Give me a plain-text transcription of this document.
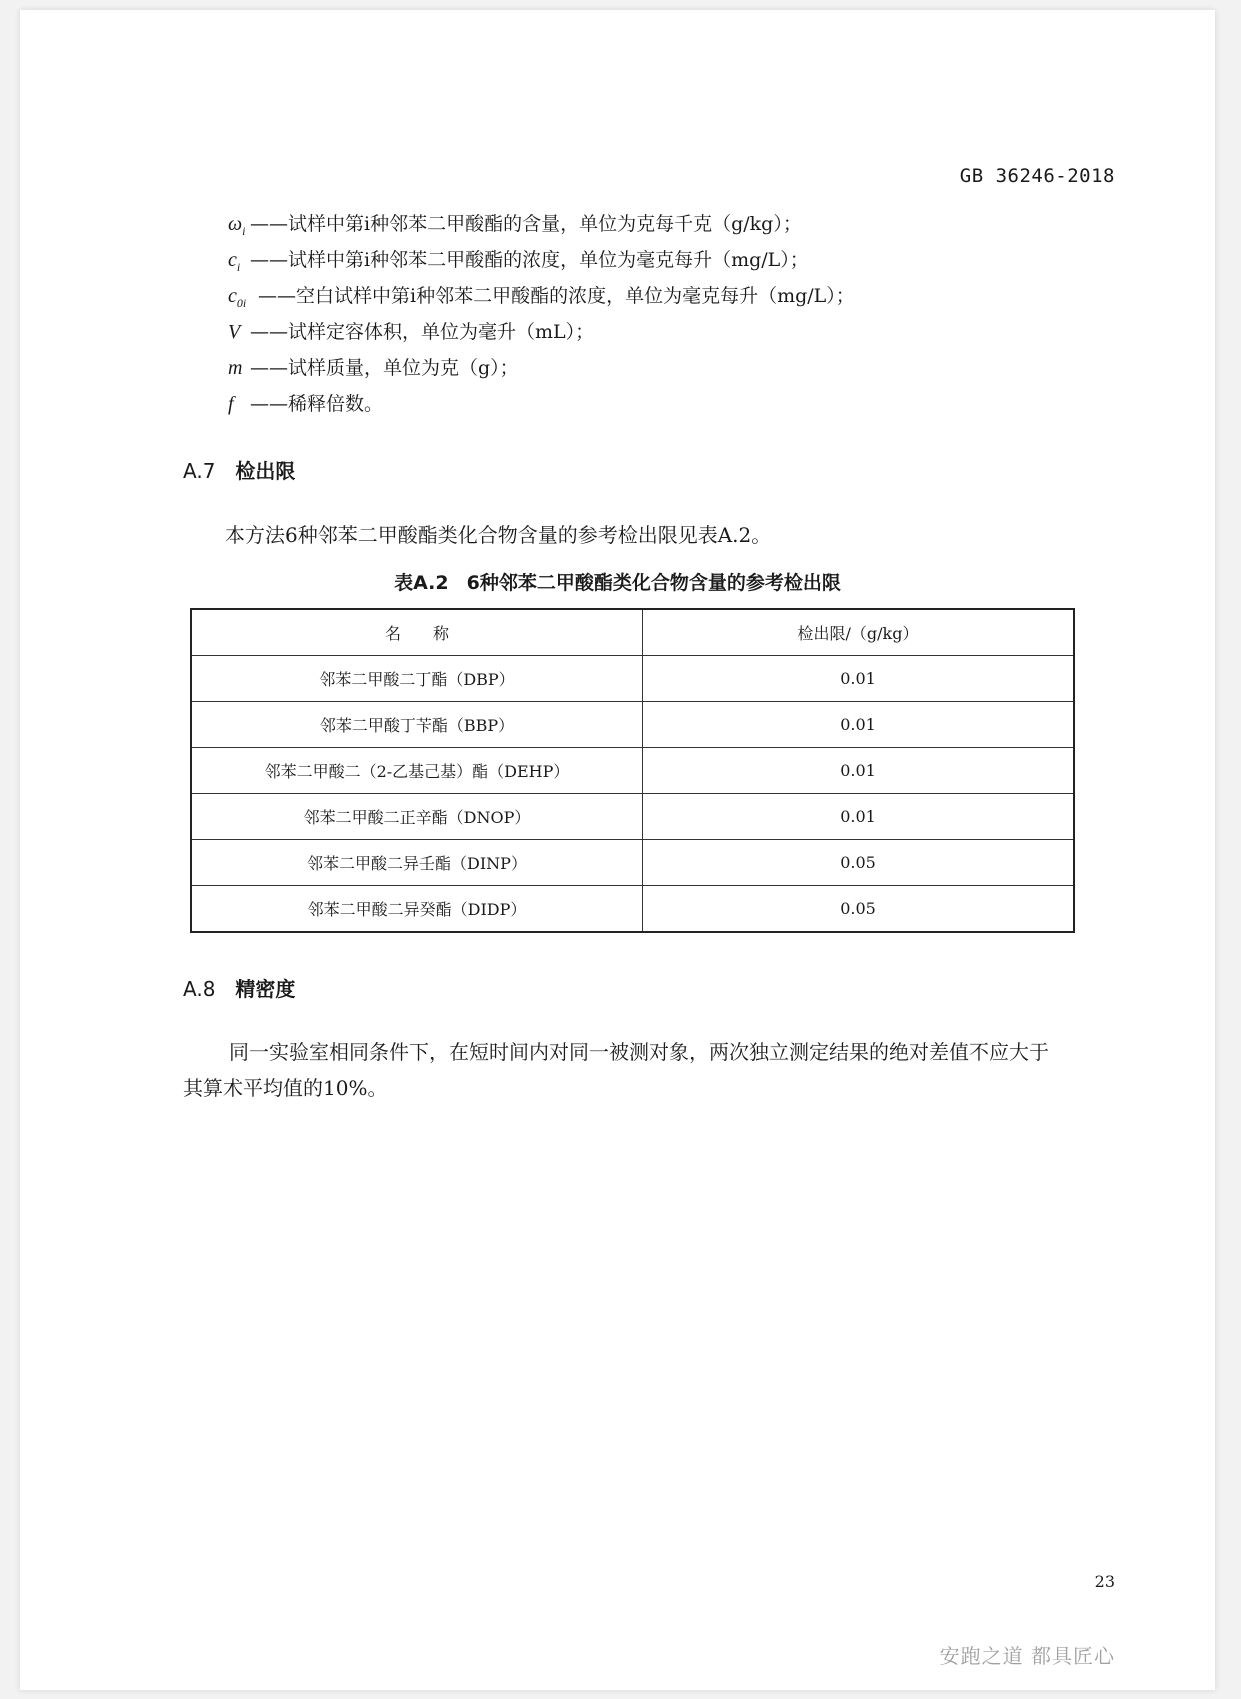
GB 36246-2018
$\omega_i$ ——试样中第i种邻苯二甲酸酯的含量，单位为克每千克（g/kg）；
$c_i$ ——试样中第i种邻苯二甲酸酯的浓度，单位为毫克每升（mg/L）；
$c_{0i}$ ——空白试样中第i种邻苯二甲酸酯的浓度，单位为毫克每升（mg/L）；
V ——试样定容体积，单位为毫升（mL）；
m ——试样质量，单位为克（g）；
f ——稀释倍数。
A.7 检出限
本方法6种邻苯二甲酸酯类化合物含量的参考检出限见表A.2。
表A.2 6种邻苯二甲酸酯类化合物含量的参考检出限
名　　称	检出限/（g/kg）
邻苯二甲酸二丁酯（DBP）	0.01
邻苯二甲酸丁苄酯（BBP）	0.01
邻苯二甲酸二（2-乙基己基）酯（DEHP）	0.01
邻苯二甲酸二正辛酯（DNOP）	0.01
邻苯二甲酸二异壬酯（DINP）	0.05
邻苯二甲酸二异癸酯（DIDP）	0.05
A.8 精密度
同一实验室相同条件下，在短时间内对同一被测对象，两次独立测定结果的绝对差值不应大于
其算术平均值的10%。
23
安跑之道 都具匠心
